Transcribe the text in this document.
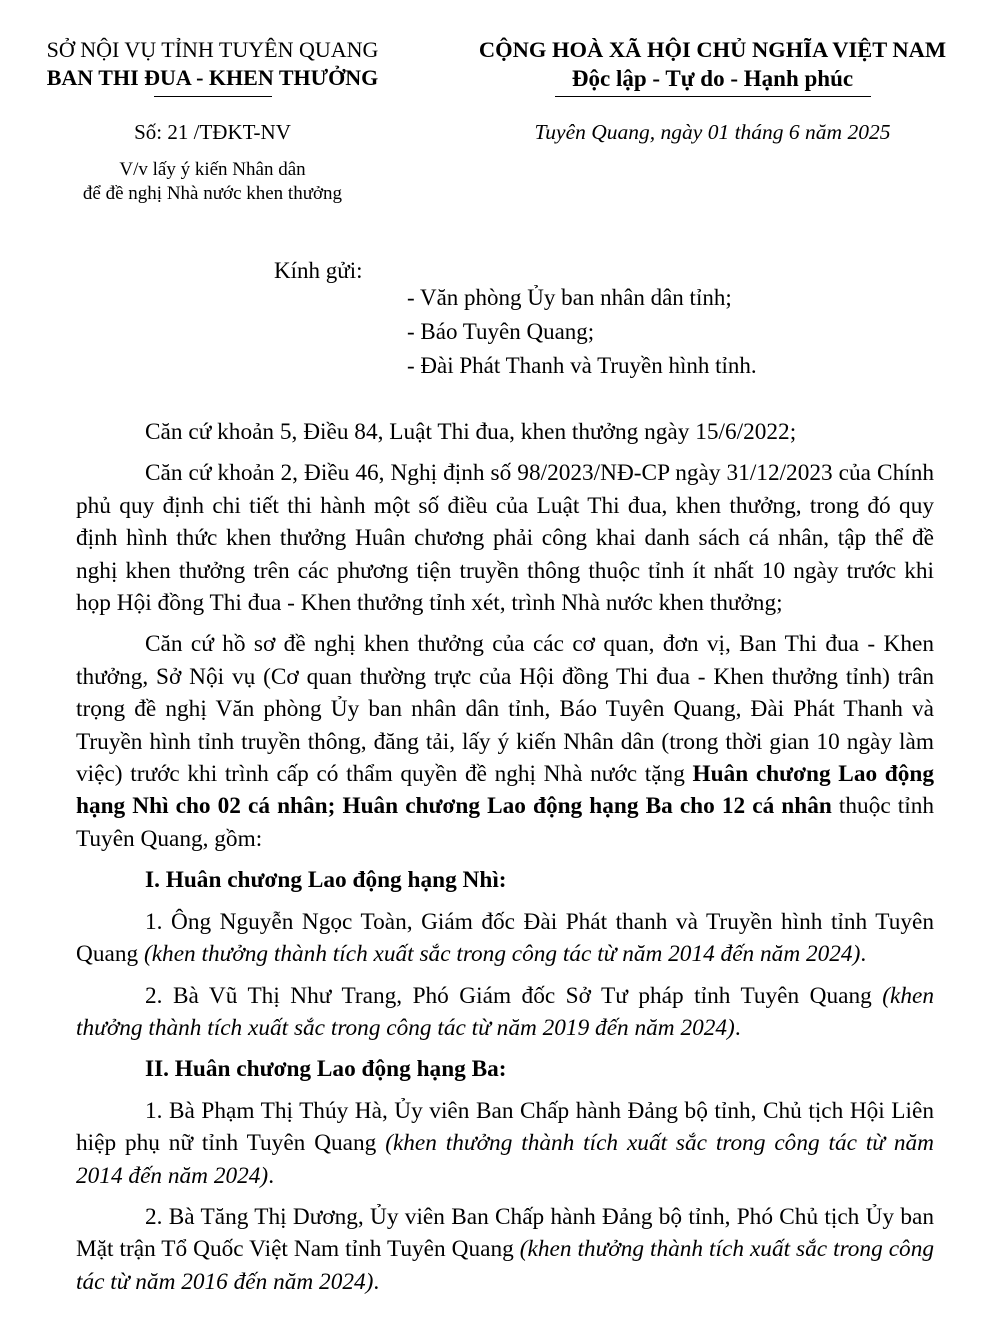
SỞ NỘI VỤ TỈNH TUYÊN QUANG
BAN THI ĐUA - KHEN THƯỞNG
CỘNG HOÀ XÃ HỘI CHỦ NGHĨA VIỆT NAM
Độc lập - Tự do - Hạnh phúc
Số: 21 /TĐKT-NV	Tuyên Quang, ngày 01 tháng 6 năm 2025
V/v lấy ý kiến Nhân dân
để đề nghị Nhà nước khen thưởng
Kính gửi:
- Văn phòng Ủy ban nhân dân tỉnh;
- Báo Tuyên Quang;
- Đài Phát Thanh và Truyền hình tỉnh.

Căn cứ khoản 5, Điều 84, Luật Thi đua, khen thưởng ngày 15/6/2022;

Căn cứ khoản 2, Điều 46, Nghị định số 98/2023/NĐ-CP ngày 31/12/2023 của Chính phủ quy định chi tiết thi hành một số điều của Luật Thi đua, khen thưởng, trong đó quy định hình thức khen thưởng Huân chương phải công khai danh sách cá nhân, tập thể đề nghị khen thưởng trên các phương tiện truyền thông thuộc tỉnh ít nhất 10 ngày trước khi họp Hội đồng Thi đua - Khen thưởng tỉnh xét, trình Nhà nước khen thưởng;

Căn cứ hồ sơ đề nghị khen thưởng của các cơ quan, đơn vị, Ban Thi đua - Khen thưởng, Sở Nội vụ (Cơ quan thường trực của Hội đồng Thi đua - Khen thưởng tỉnh) trân trọng đề nghị Văn phòng Ủy ban nhân dân tỉnh, Báo Tuyên Quang, Đài Phát Thanh và Truyền hình tỉnh truyền thông, đăng tải, lấy ý kiến Nhân dân (trong thời gian 10 ngày làm việc) trước khi trình cấp có thẩm quyền đề nghị Nhà nước tặng Huân chương Lao động hạng Nhì cho 02 cá nhân; Huân chương Lao động hạng Ba cho 12 cá nhân thuộc tỉnh Tuyên Quang, gồm:

I. Huân chương Lao động hạng Nhì:

1. Ông Nguyễn Ngọc Toàn, Giám đốc Đài Phát thanh và Truyền hình tỉnh Tuyên Quang (khen thưởng thành tích xuất sắc trong công tác từ năm 2014 đến năm 2024).

2. Bà Vũ Thị Như Trang, Phó Giám đốc Sở Tư pháp tỉnh Tuyên Quang (khen thưởng thành tích xuất sắc trong công tác từ năm 2019 đến năm 2024).

II. Huân chương Lao động hạng Ba:

1. Bà Phạm Thị Thúy Hà, Ủy viên Ban Chấp hành Đảng bộ tỉnh, Chủ tịch Hội Liên hiệp phụ nữ tỉnh Tuyên Quang (khen thưởng thành tích xuất sắc trong công tác từ năm 2014 đến năm 2024).

2. Bà Tăng Thị Dương, Ủy viên Ban Chấp hành Đảng bộ tỉnh, Phó Chủ tịch Ủy ban Mặt trận Tổ Quốc Việt Nam tỉnh Tuyên Quang (khen thưởng thành tích xuất sắc trong công tác từ năm 2016 đến năm 2024).
